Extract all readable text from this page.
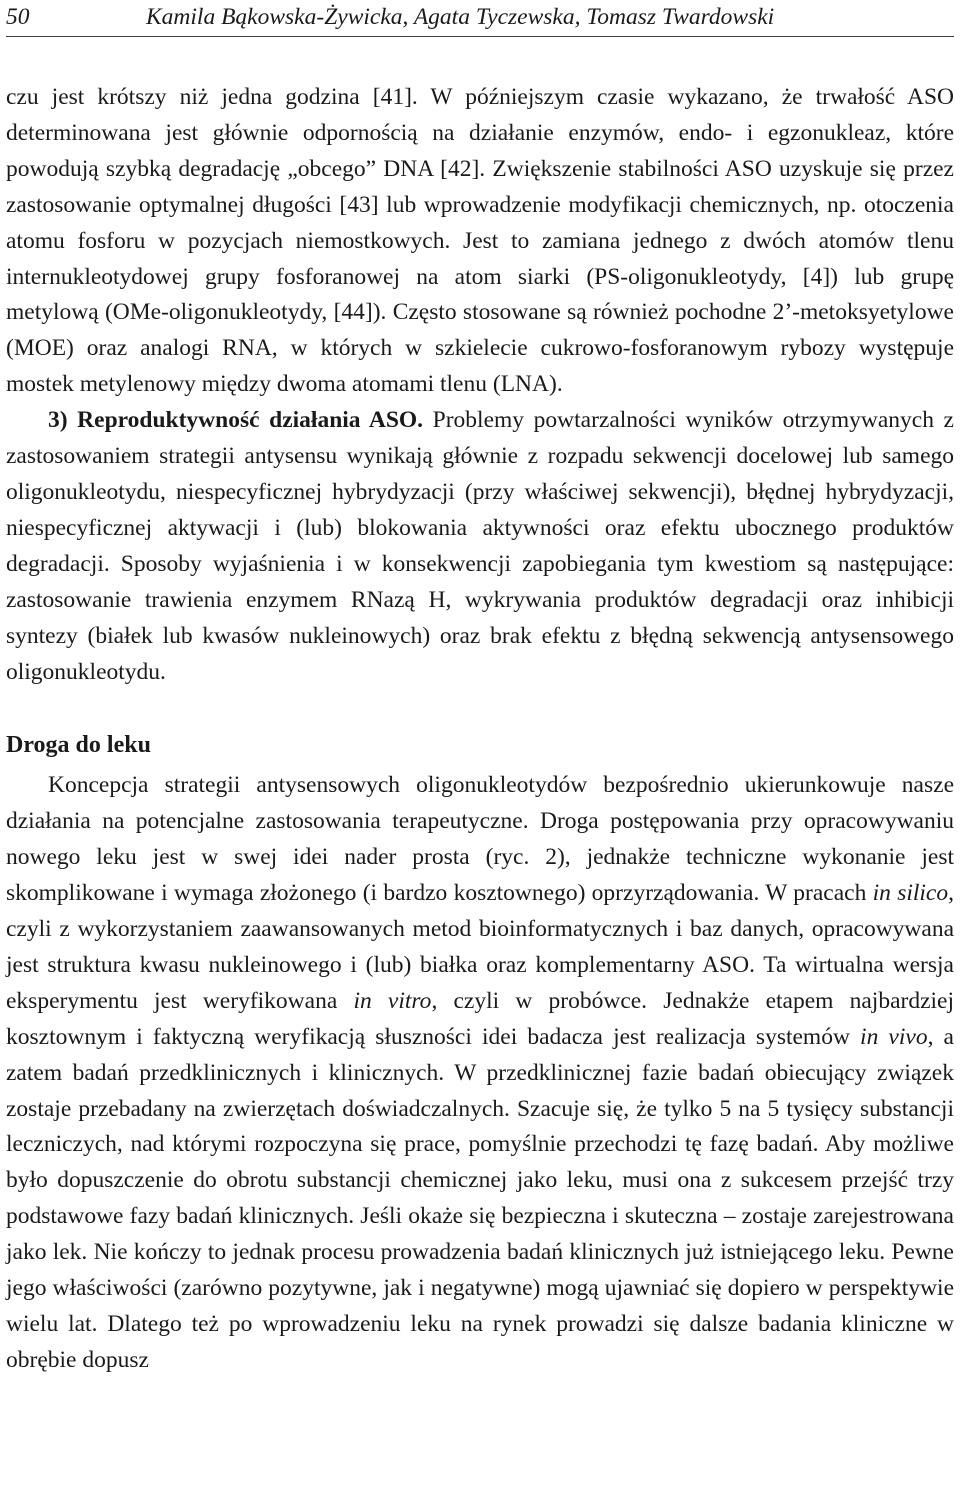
50	Kamila Bąkowska-Żywicka, Agata Tyczewska, Tomasz Twardowski

czu jest krótszy niż jedna godzina [41]. W późniejszym czasie wykazano, że trwałość ASO determinowana jest głównie odpornością na działanie enzymów, endo- i egzonukleaz, które powodują szybką degradację „obcego” DNA [42]. Zwiększenie stabilności ASO uzyskuje się przez zastosowanie optymalnej długości [43] lub wprowadzenie modyfikacji chemicznych, np. otoczenia atomu fosforu w pozycjach niemostkowych. Jest to zamiana jednego z dwóch atomów tlenu internukleotydowej grupy fosforanowej na atom siarki (PS-oligonukleotydy, [4]) lub grupę metylową (OMe-oligonukleotydy, [44]). Często stosowane są również pochodne 2’-metoksyetylowe (MOE) oraz analogi RNA, w których w szkielecie cukrowo-fosforanowym rybozy występuje mostek metylenowy między dwoma atomami tlenu (LNA).

3) Reproduktywność działania ASO. Problemy powtarzalności wyników otrzymywanych z zastosowaniem strategii antysensu wynikają głównie z rozpadu sekwencji docelowej lub samego oligonukleotydu, niespecyficznej hybrydyzacji (przy właściwej sekwencji), błędnej hybrydyzacji, niespecyficznej aktywacji i (lub) blokowania aktywności oraz efektu ubocznego produktów degradacji. Sposoby wyjaśnienia i w konsekwencji zapobiegania tym kwestiom są następujące: zastosowanie trawienia enzymem RNazą H, wykrywania produktów degradacji oraz inhibicji syntezy (białek lub kwasów nukleinowych) oraz brak efektu z błędną sekwencją antysensowego oligonukleotydu.

Droga do leku

Koncepcja strategii antysensowych oligonukleotydów bezpośrednio ukierunkowuje nasze działania na potencjalne zastosowania terapeutyczne. Droga postępowania przy opracowywaniu nowego leku jest w swej idei nader prosta (ryc. 2), jednakże techniczne wykonanie jest skomplikowane i wymaga złożonego (i bardzo kosztownego) oprzyrządowania. W pracach in silico, czyli z wykorzystaniem zaawansowanych metod bioinformatycznych i baz danych, opracowywana jest struktura kwasu nukleinowego i (lub) białka oraz komplementarny ASO. Ta wirtualna wersja eksperymentu jest weryfikowana in vitro, czyli w probówce. Jednakże etapem najbardziej kosztownym i faktyczną weryfikacją słuszności idei badacza jest realizacja systemów in vivo, a zatem badań przedklinicznych i klinicznych. W przedklinicznej fazie badań obiecujący związek zostaje przebadany na zwierzętach doświadczalnych. Szacuje się, że tylko 5 na 5 tysięcy substancji leczniczych, nad którymi rozpoczyna się prace, pomyślnie przechodzi tę fazę badań. Aby możliwe było dopuszczenie do obrotu substancji chemicznej jako leku, musi ona z sukcesem przejść trzy podstawowe fazy badań klinicznych. Jeśli okaże się bezpieczna i skuteczna – zostaje zarejestrowana jako lek. Nie kończy to jednak procesu prowadzenia badań klinicznych już istniejącego leku. Pewne jego właściwości (zarówno pozytywne, jak i negatywne) mogą ujawniać się dopiero w perspektywie wielu lat. Dlatego też po wprowadzeniu leku na rynek prowadzi się dalsze badania kliniczne w obrębie dopusz
